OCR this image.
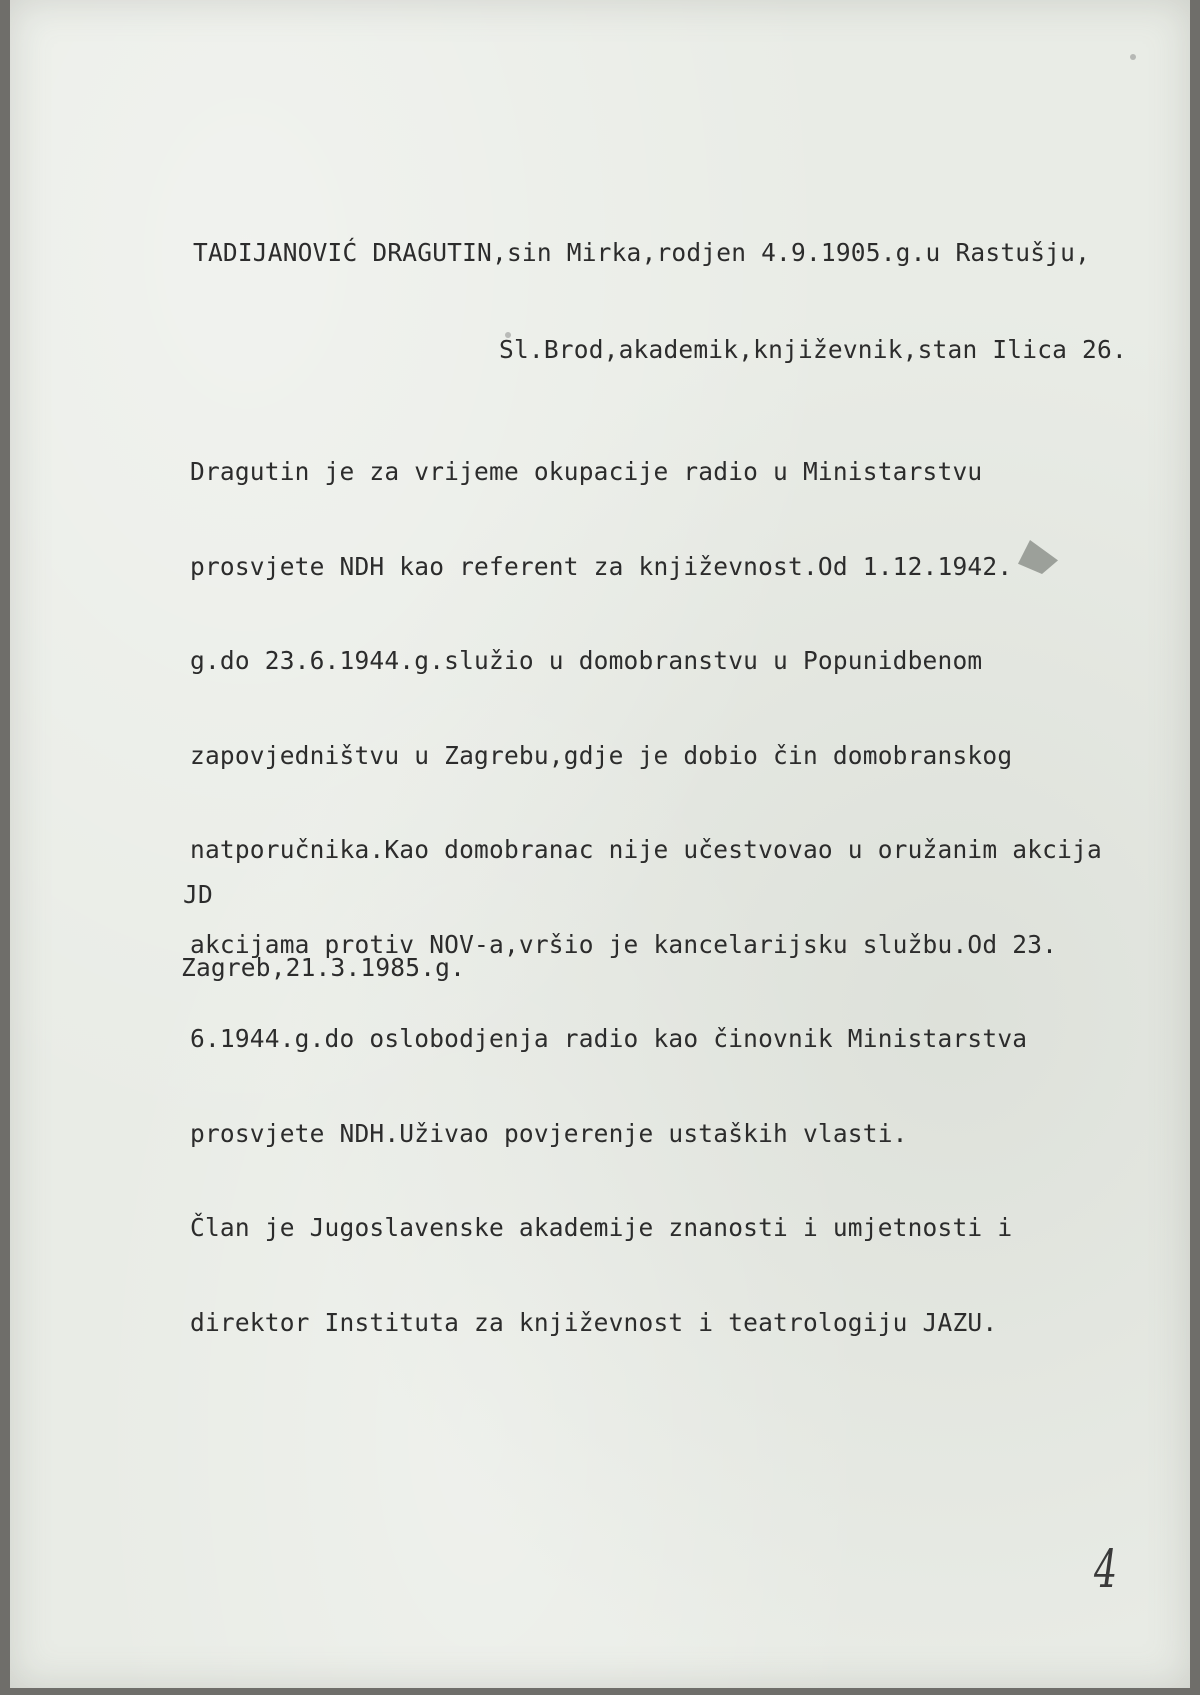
TADIJANOVIĆ DRAGUTIN,sin Mirka,rodjen 4.9.1905.g.u Rastušju,

Sl.Brod,akademik,književnik,stan Ilica 26.

Dragutin je za vrijeme okupacije radio u Ministarstvu

prosvjete NDH kao referent za književnost.Od 1.12.1942.

g.do 23.6.1944.g.služio u domobranstvu u Popunidbenom

zapovjedništvu u Zagrebu,gdje je dobio čin domobranskog

natporučnika.Kao domobranac nije učestvovao u oružanim akcija

akcijama protiv NOV-a,vršio je kancelarijsku službu.Od 23.

6.1944.g.do oslobodjenja radio kao činovnik Ministarstva

prosvjete NDH.Uživao povjerenje ustaških vlasti.

Član je Jugoslavenske akademije znanosti i umjetnosti i

direktor Instituta za književnost i teatrologiju JAZU.

JD
Zagreb,21.3.1985.g.
4
